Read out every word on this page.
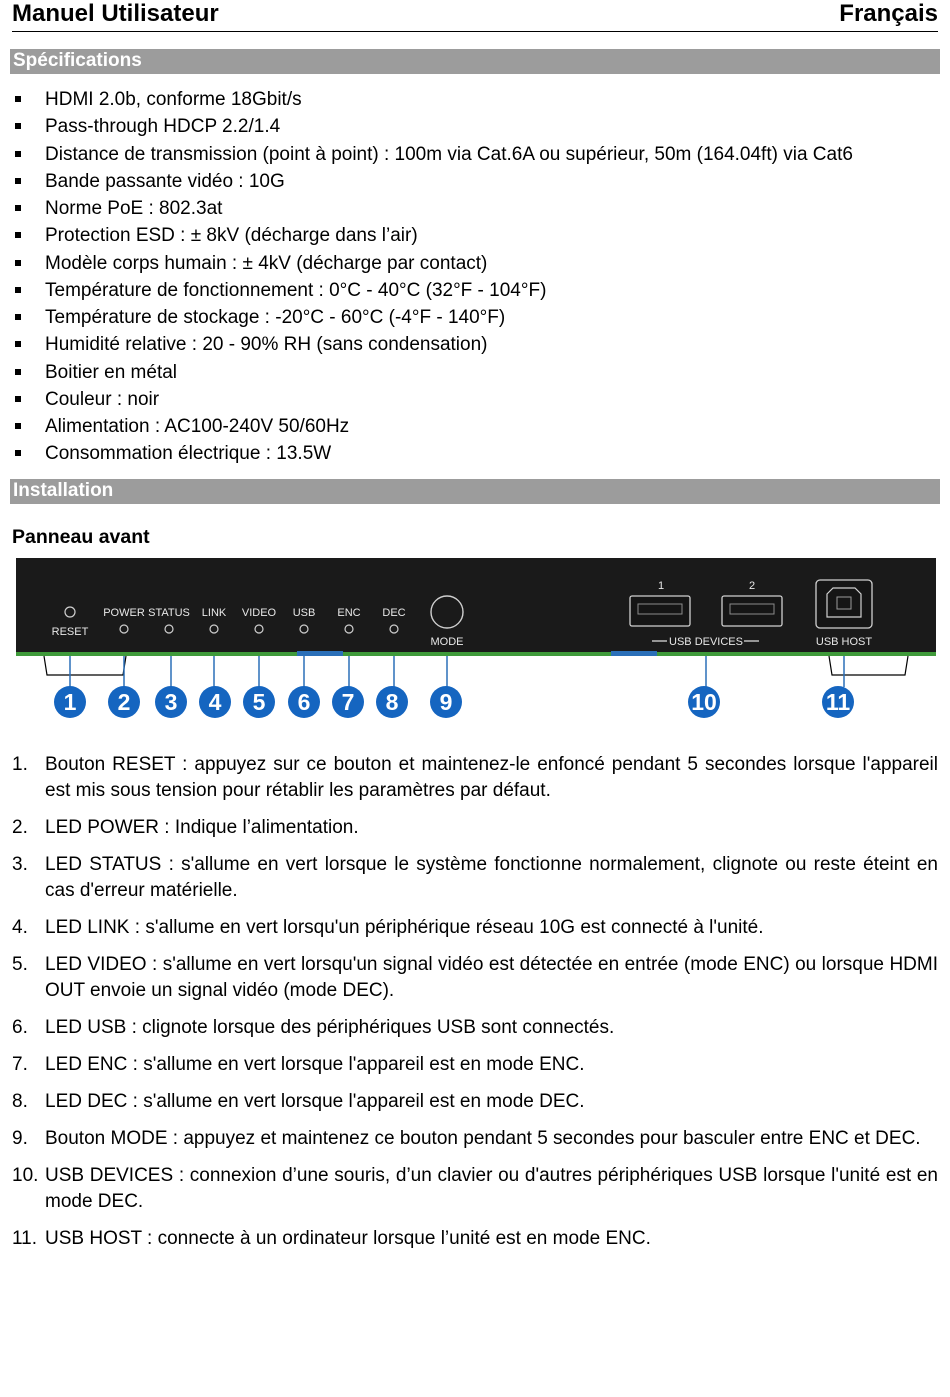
Manuel Utilisateur	Français
Spécifications
HDMI 2.0b, conforme 18Gbit/s
Pass-through HDCP 2.2/1.4
Distance de transmission (point à point) : 100m via Cat.6A ou supérieur, 50m (164.04ft) via Cat6
Bande passante vidéo : 10G
Norme PoE : 802.3at
Protection ESD : ± 8kV (décharge dans l’air)
Modèle corps humain : ± 4kV (décharge par contact)
Température de fonctionnement : 0°C - 40°C (32°F - 104°F)
Température de stockage : -20°C - 60°C (-4°F - 140°F)
Humidité relative : 20 - 90% RH (sans condensation)
Boitier en métal
Couleur : noir
Alimentation : AC100-240V 50/60Hz
Consommation électrique : 13.5W
Installation
Panneau avant
RESET
POWER STATUS LINK VIDEO USB ENC DEC
MODE
1	2
USB DEVICES	USB HOST
1 2 3 4 5 6 7 8 9	10	11
1. Bouton RESET : appuyez sur ce bouton et maintenez-le enfoncé pendant 5 secondes lorsque l'appareil est mis sous tension pour rétablir les paramètres par défaut.
2. LED POWER : Indique l’alimentation.
3. LED STATUS : s'allume en vert lorsque le système fonctionne normalement, clignote ou reste éteint en cas d'erreur matérielle.
4. LED LINK : s'allume en vert lorsqu'un périphérique réseau 10G est connecté à l'unité.
5. LED VIDEO : s'allume en vert lorsqu'un signal vidéo est détectée en entrée (mode ENC) ou lorsque HDMI OUT envoie un signal vidéo (mode DEC).
6. LED USB : clignote lorsque des périphériques USB sont connectés.
7. LED ENC : s'allume en vert lorsque l'appareil est en mode ENC.
8. LED DEC : s'allume en vert lorsque l'appareil est en mode DEC.
9. Bouton MODE : appuyez et maintenez ce bouton pendant 5 secondes pour basculer entre ENC et DEC.
10. USB DEVICES : connexion d’une souris, d’un clavier ou d'autres périphériques USB lorsque l'unité est en mode DEC.
11. USB HOST : connecte à un ordinateur lorsque l’unité est en mode ENC.
